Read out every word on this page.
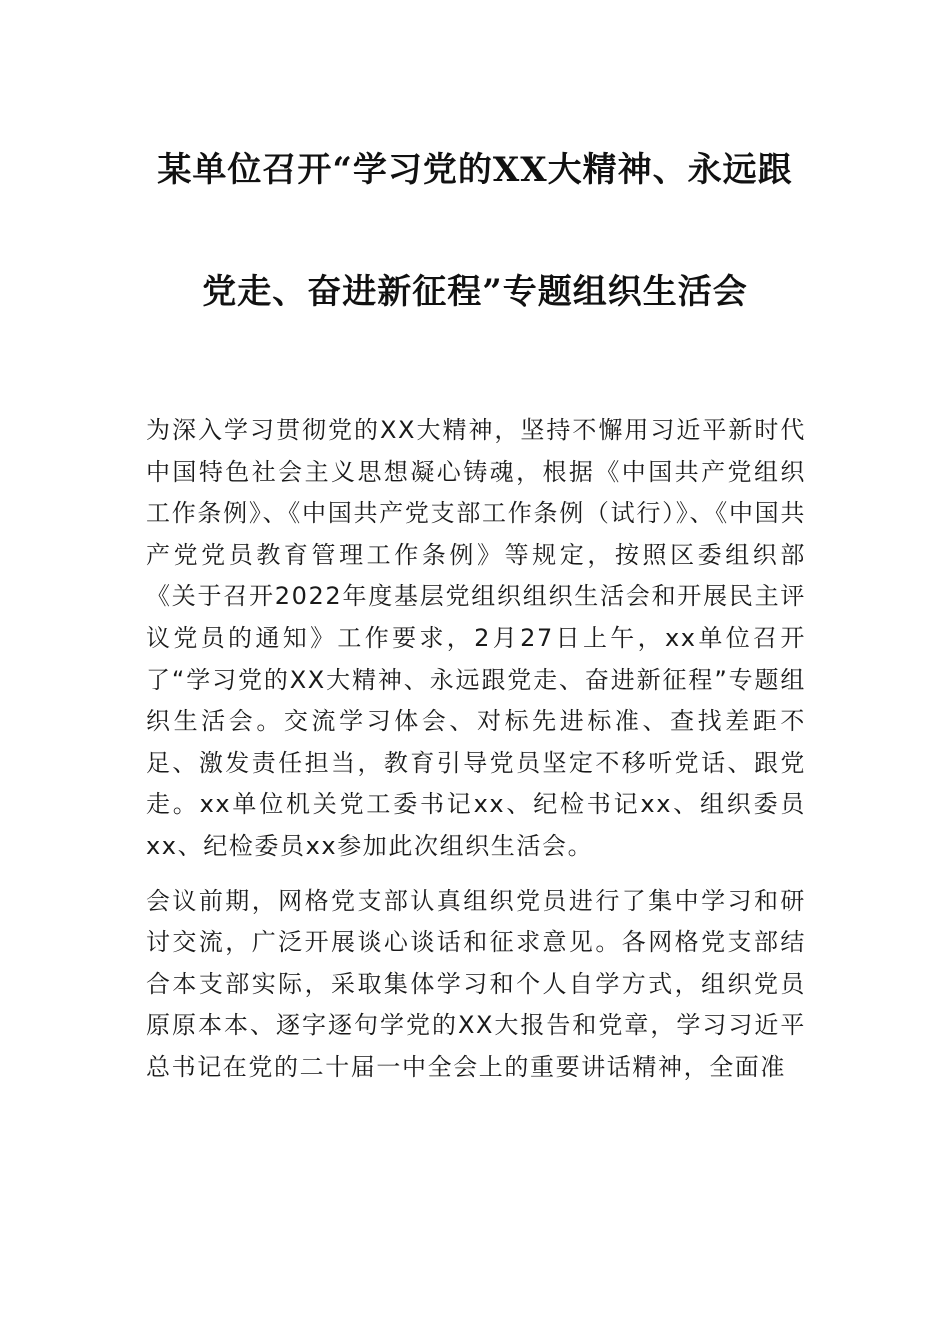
某单位召开“学习党的XX大精神、永远跟
党走、奋进新征程”专题组织生活会

为深入学习贯彻党的XX大精神，坚持不懈用习近平新时代中国特色社会主义思想凝心铸魂，根据《中国共产党组织工作条例》、《中国共产党支部工作条例（试行）》、《中国共产党党员教育管理工作条例》等规定，按照区委组织部《关于召开2022年度基层党组织组织生活会和开展民主评议党员的通知》工作要求，2月27日上午，xx单位召开了“学习党的XX大精神、永远跟党走、奋进新征程”专题组织生活会。交流学习体会、对标先进标准、查找差距不足、激发责任担当，教育引导党员坚定不移听党话、跟党走。xx单位机关党工委书记xx、纪检书记xx、组织委员xx、纪检委员xx参加此次组织生活会。

会议前期，网格党支部认真组织党员进行了集中学习和研讨交流，广泛开展谈心谈话和征求意见。各网格党支部结合本支部实际，采取集体学习和个人自学方式，组织党员原原本本、逐字逐句学党的XX大报告和党章，学习习近平总书记在党的二十届一中全会上的重要讲话精神，全面准
